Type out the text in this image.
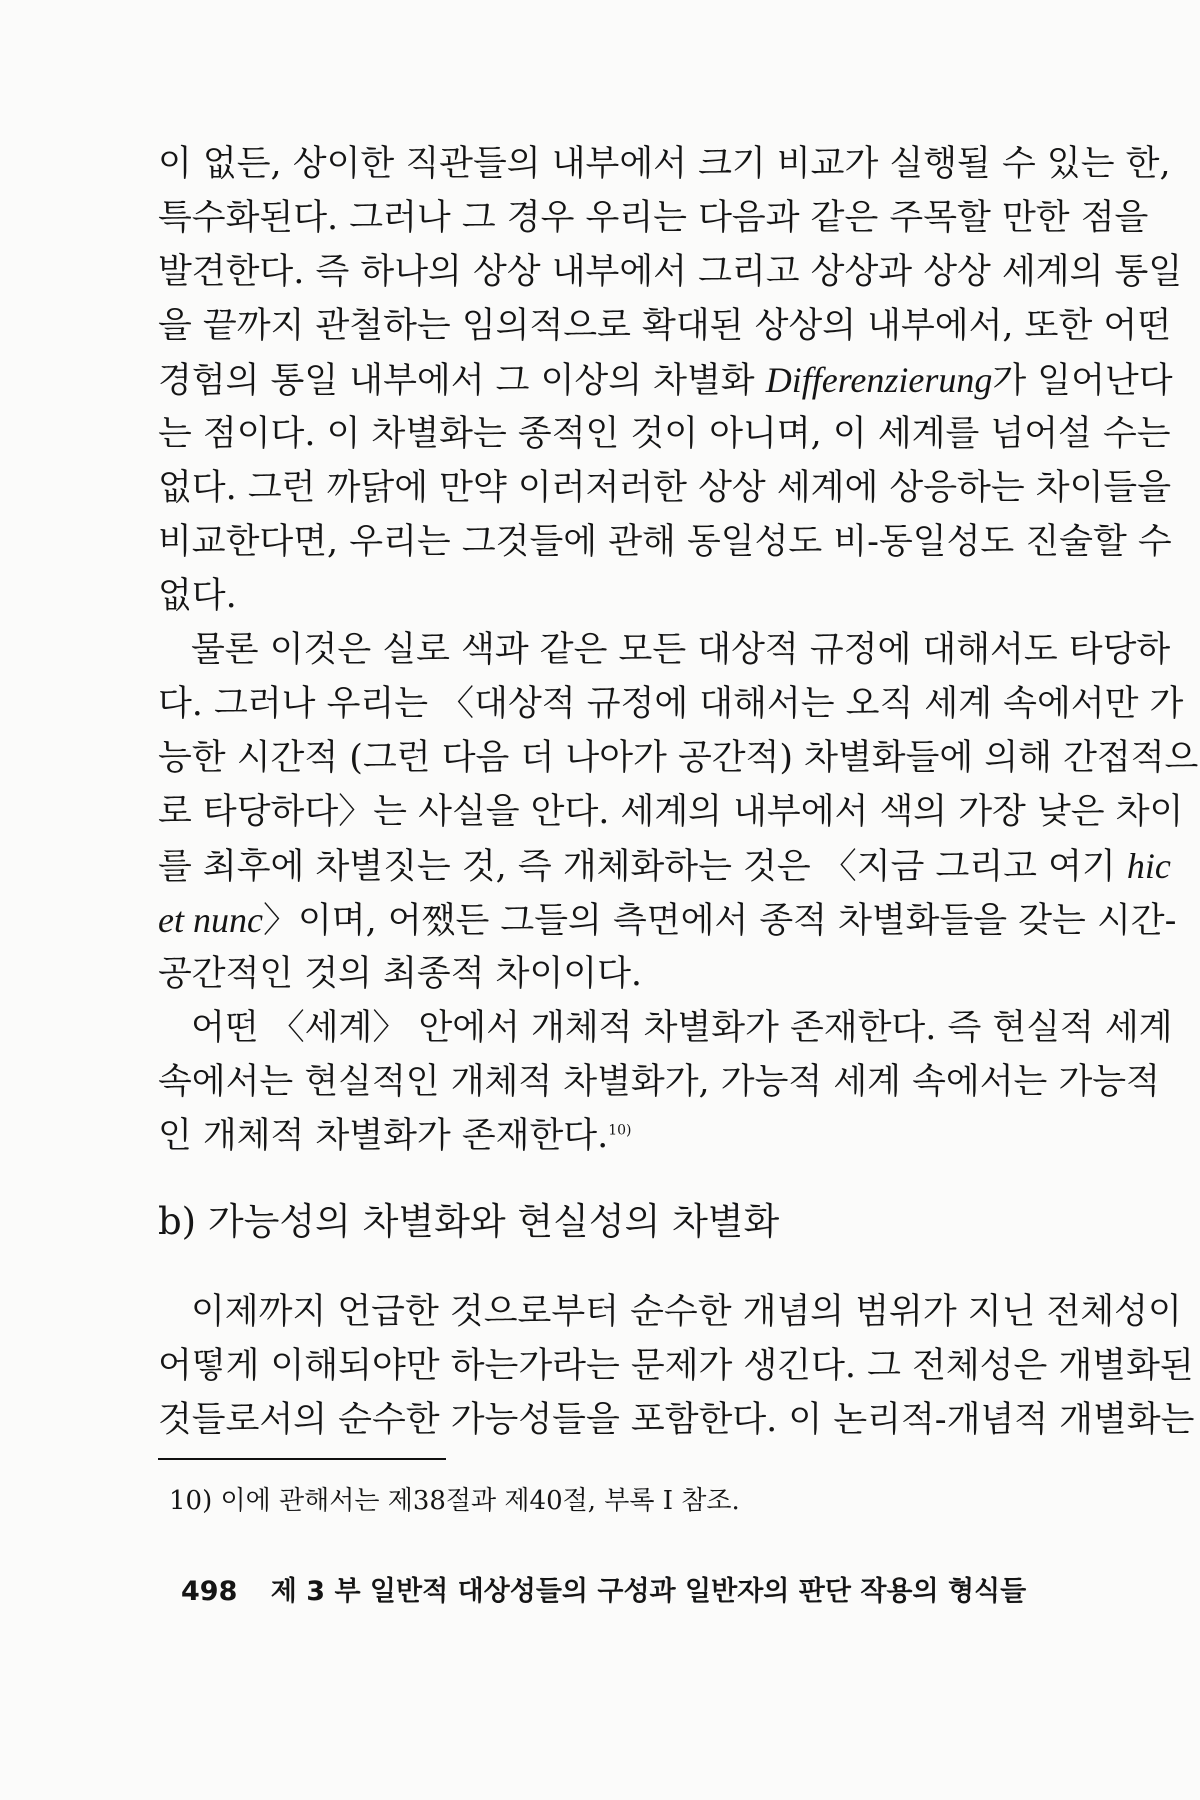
이 없든, 상이한 직관들의 내부에서 크기 비교가 실행될 수 있는 한,
특수화된다. 그러나 그 경우 우리는 다음과 같은 주목할 만한 점을
발견한다. 즉 하나의 상상 내부에서 그리고 상상과 상상 세계의 통일
을 끝까지 관철하는 임의적으로 확대된 상상의 내부에서, 또한 어떤
경험의 통일 내부에서 그 이상의 차별화 Differenzierung가 일어난다
는 점이다. 이 차별화는 종적인 것이 아니며, 이 세계를 넘어설 수는
없다. 그런 까닭에 만약 이러저러한 상상 세계에 상응하는 차이들을
비교한다면, 우리는 그것들에 관해 동일성도 비-동일성도 진술할 수
없다.
물론 이것은 실로 색과 같은 모든 대상적 규정에 대해서도 타당하
다. 그러나 우리는 〈대상적 규정에 대해서는 오직 세계 속에서만 가
능한 시간적 (그런 다음 더 나아가 공간적) 차별화들에 의해 간접적으
로 타당하다〉는 사실을 안다. 세계의 내부에서 색의 가장 낮은 차이
를 최후에 차별짓는 것, 즉 개체화하는 것은 〈지금 그리고 여기 hic
et nunc〉이며, 어쨌든 그들의 측면에서 종적 차별화들을 갖는 시간-
공간적인 것의 최종적 차이이다.
어떤 〈세계〉 안에서 개체적 차별화가 존재한다. 즉 현실적 세계
속에서는 현실적인 개체적 차별화가, 가능적 세계 속에서는 가능적
인 개체적 차별화가 존재한다.$^{10)}$
b) 가능성의 차별화와 현실성의 차별화
이제까지 언급한 것으로부터 순수한 개념의 범위가 지닌 전체성이
어떻게 이해되야만 하는가라는 문제가 생긴다. 그 전체성은 개별화된
것들로서의 순수한 가능성들을 포함한다. 이 논리적-개념적 개별화는
10) 이에 관해서는 제38절과 제40절, 부록 I 참조.
498 제 3 부 일반적 대상성들의 구성과 일반자의 판단 작용의 형식들
